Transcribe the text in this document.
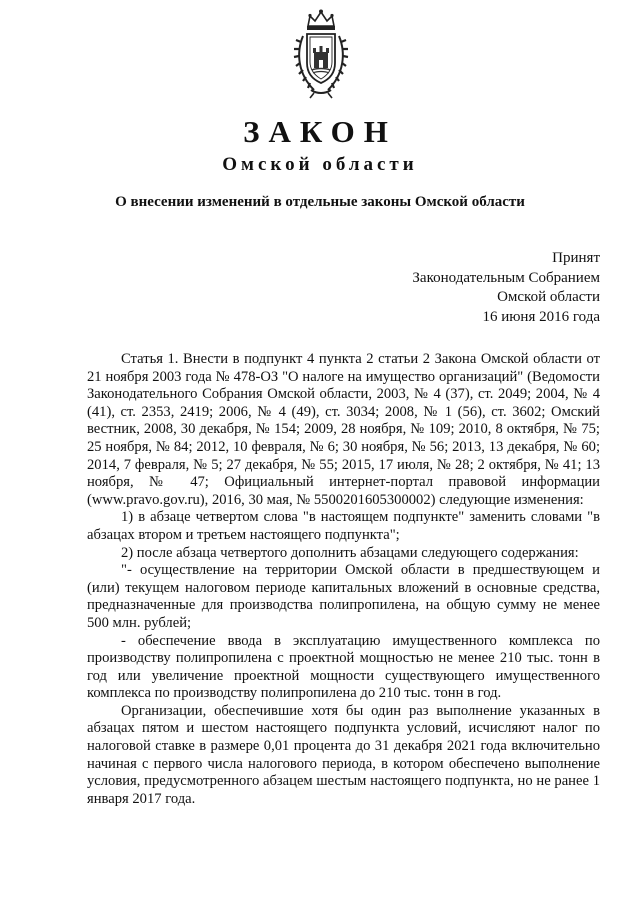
ЗАКОН
Омской области
О внесении изменений в отдельные законы Омской области
Принят
Законодательным Собранием
Омской области
16 июня 2016 года

Статья 1. Внести в подпункт 4 пункта 2 статьи 2 Закона Омской области от 21 ноября 2003 года № 478-ОЗ "О налоге на имущество организаций" (Ведомости Законодательного Собрания Омской области, 2003, № 4 (37), ст. 2049; 2004, № 4 (41), ст. 2353, 2419; 2006, № 4 (49), ст. 3034; 2008, № 1 (56), ст. 3602; Омский вестник, 2008, 30 декабря, № 154; 2009, 28 ноября, № 109; 2010, 8 октября, № 75; 25 ноября, № 84; 2012, 10 февраля, № 6; 30 ноября, № 56; 2013, 13 декабря, № 60; 2014, 7 февраля, № 5; 27 декабря, № 55; 2015, 17 июля, № 28; 2 октября, № 41; 13 ноября, № 47; Официальный интернет-портал правовой информации (www.pravo.gov.ru), 2016, 30 мая, № 5500201605300002) следующие изменения:

1) в абзаце четвертом слова "в настоящем подпункте" заменить словами "в абзацах втором и третьем настоящего подпункта";

2) после абзаца четвертого дополнить абзацами следующего содержания:

"- осуществление на территории Омской области в предшествующем и (или) текущем налоговом периоде капитальных вложений в основные средства, предназначенные для производства полипропилена, на общую сумму не менее 500 млн. рублей;

- обеспечение ввода в эксплуатацию имущественного комплекса по производству полипропилена с проектной мощностью не менее 210 тыс. тонн в год или увеличение проектной мощности существующего имущественного комплекса по производству полипропилена до 210 тыс. тонн в год.

Организации, обеспечившие хотя бы один раз выполнение указанных в абзацах пятом и шестом настоящего подпункта условий, исчисляют налог по налоговой ставке в размере 0,01 процента до 31 декабря 2021 года включительно начиная с первого числа налогового периода, в котором обеспечено выполнение условия, предусмотренного абзацем шестым настоящего подпункта, но не ранее 1 января 2017 года.
